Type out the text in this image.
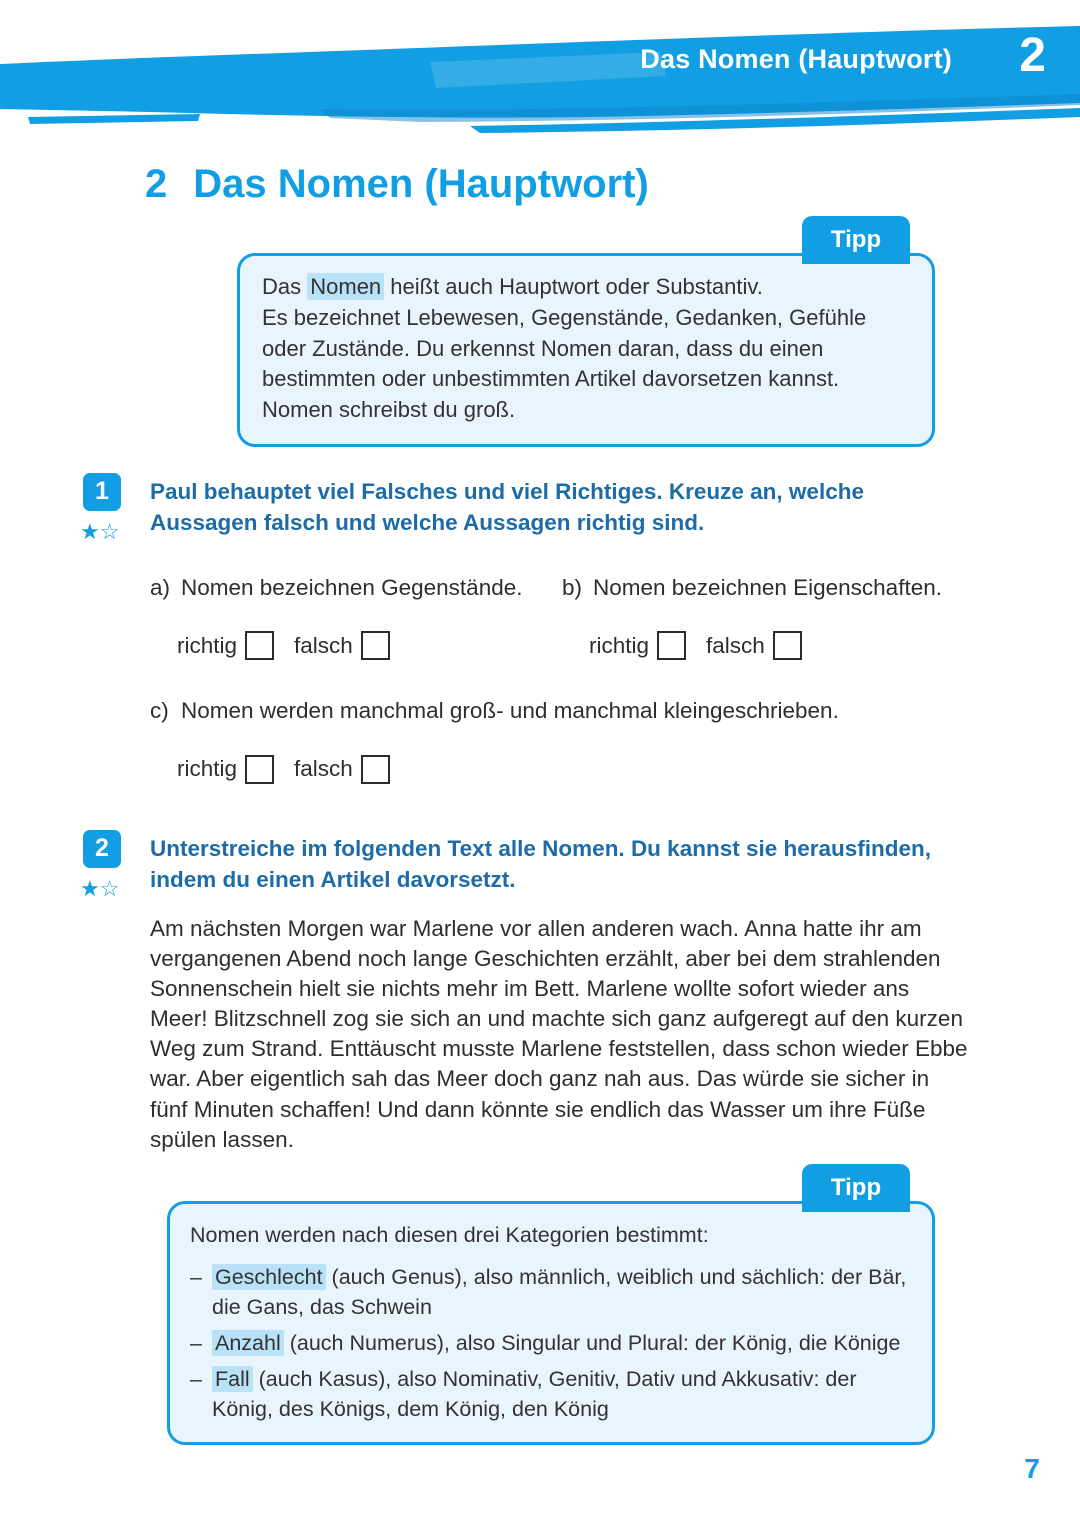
Das Nomen (Hauptwort) 2
2 Das Nomen (Hauptwort)
Tipp

Das Nomen heißt auch Hauptwort oder Substantiv.
Es bezeichnet Lebewesen, Gegenstände, Gedanken, Gefühle oder Zustände. Du erkennst Nomen daran, dass du einen bestimmten oder unbestimmten Artikel davorsetzen kannst. Nomen schreibst du groß.

1
★☆

Paul behauptet viel Falsches und viel Richtiges. Kreuze an, welche Aussagen falsch und welche Aussagen richtig sind.

a) Nomen bezeichnen Gegenstände. b) Nomen bezeichnen Eigenschaften.
richtig	falsch	richtig	falsch
c) Nomen werden manchmal groß- und manchmal kleingeschrieben.
richtig	falsch
2
★☆

Unterstreiche im folgenden Text alle Nomen. Du kannst sie herausfinden, indem du einen Artikel davorsetzt.

Am nächsten Morgen war Marlene vor allen anderen wach. Anna hatte ihr am vergangenen Abend noch lange Geschichten erzählt, aber bei dem strahlenden Sonnenschein hielt sie nichts mehr im Bett. Marlene wollte sofort wieder ans Meer! Blitzschnell zog sie sich an und machte sich ganz aufgeregt auf den kurzen Weg zum Strand. Enttäuscht musste Marlene feststellen, dass schon wieder Ebbe war. Aber eigentlich sah das Meer doch ganz nah aus. Das würde sie sicher in fünf Minuten schaffen! Und dann könnte sie endlich das Wasser um ihre Füße spülen lassen.

Tipp

Nomen werden nach diesen drei Kategorien bestimmt:

– Geschlecht (auch Genus), also männlich, weiblich und sächlich: der Bär, die Gans, das Schwein
– Anzahl (auch Numerus), also Singular und Plural: der König, die Könige
– Fall (auch Kasus), also Nominativ, Genitiv, Dativ und Akkusativ: der König, des Königs, dem König, den König
7
